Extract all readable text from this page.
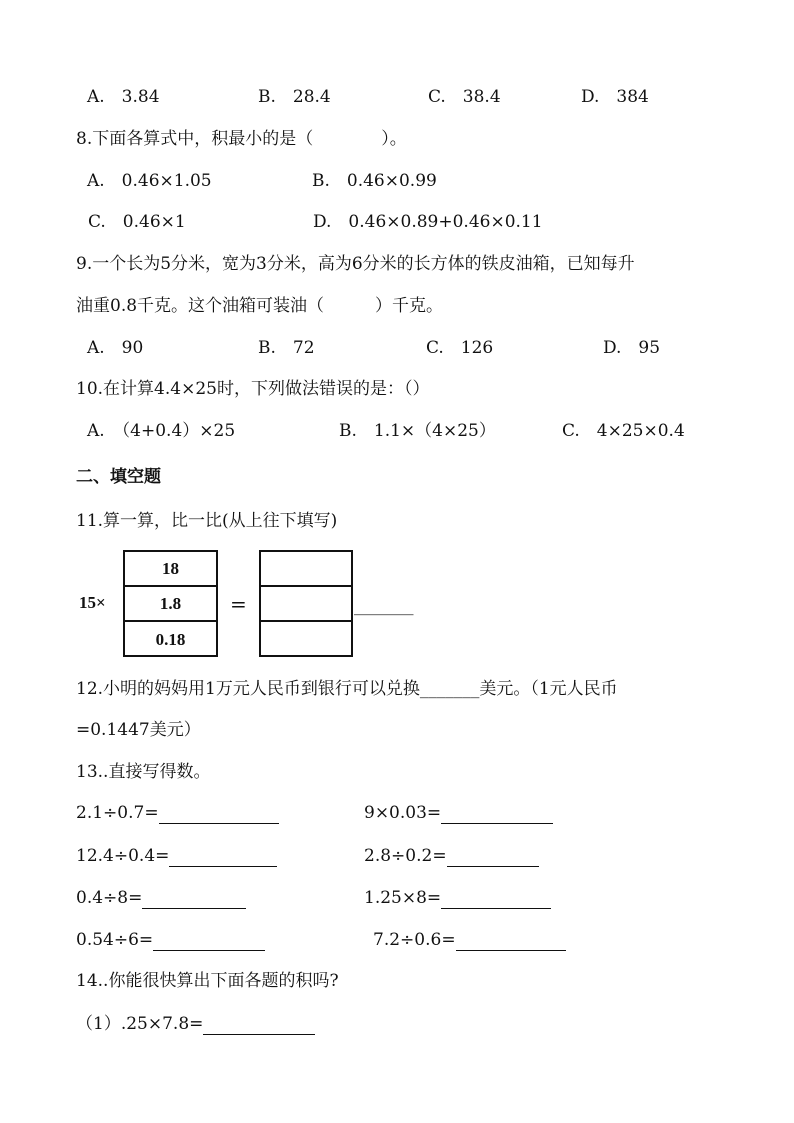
A.　3.84	B.　28.4	C.　38.4	D.　384
8.下面各算式中，积最小的是（　　　　）。
A.　0.46×1.05	B.　0.46×0.99
C.　0.46×1	D.　0.46×0.89+0.46×0.11
9.一个长为5分米，宽为3分米，高为6分米的长方体的铁皮油箱，已知每升
油重0.8千克。这个油箱可装油（　　　）千克。
A.　90	B.　72	C.　126	D.　95
10.在计算4.4×25时，下列做法错误的是：（）
A.　（4+0.4）×25	B.　1.1×（4×25）	C.　4×25×0.4
二、填空题
11.算一算，比一比(从上往下填写)
15×
18
1.8
0.18
=	_______
12.小明的妈妈用1万元人民币到银行可以兑换_______美元。（1元人民币
=0.1447美元）
13..直接写得数。
2.1÷0.7=	9×0.03=
12.4÷0.4=	2.8÷0.2=
0.4÷8=	1.25×8=
0.54÷6=	7.2÷0.6=
14..你能很快算出下面各题的积吗?
（1）.25×7.8=
